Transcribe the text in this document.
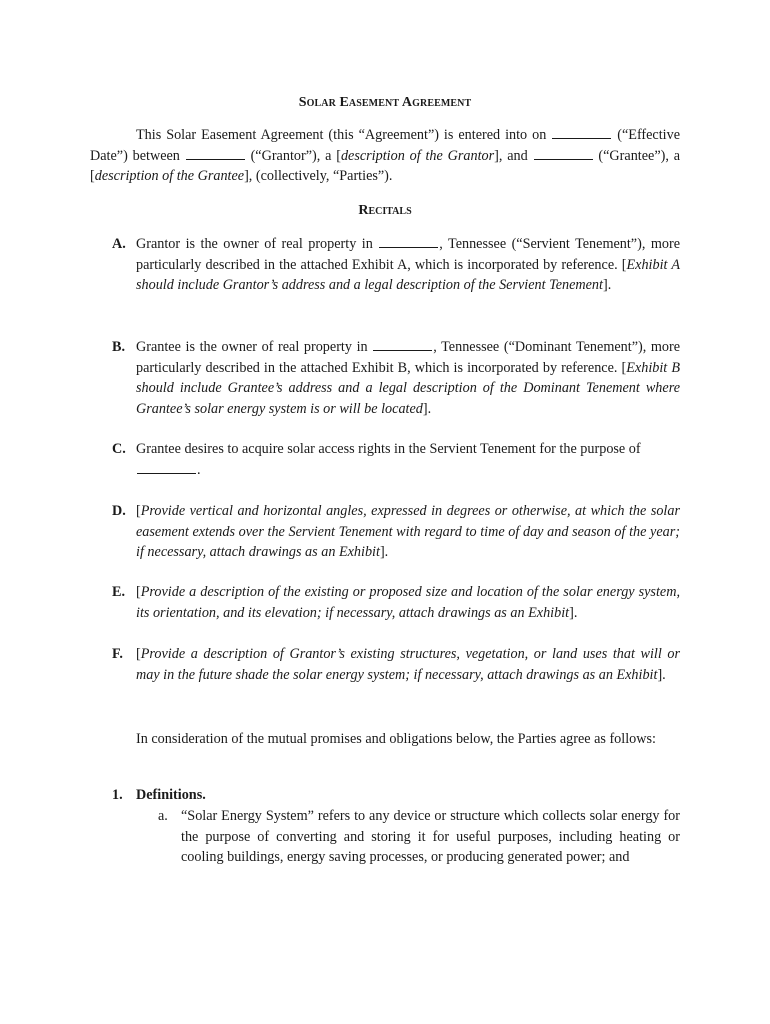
Solar Easement Agreement

This Solar Easement Agreement (this “Agreement”) is entered into on	(“Effective Date”) between	(“Grantor”), a [description of the Grantor], and	(“Grantee”), a [description of the Grantee], (collectively, “Parties”).

Recitals
A. Grantor is the owner of real property in	, Tennessee (“Servient Tenement”), more particularly described in the attached Exhibit A, which is incorporated by reference. [Exhibit A should include Grantor’s address and a legal description of the Servient Tenement].

B. Grantee is the owner of real property in	, Tennessee (“Dominant Tenement”), more particularly described in the attached Exhibit B, which is incorporated by reference. [Exhibit B should include Grantee’s address and a legal description of the Dominant Tenement where Grantee’s solar energy system is or will be located].

C. Grantee desires to acquire solar access rights in the Servient Tenement for the purpose of .

D. [Provide vertical and horizontal angles, expressed in degrees or otherwise, at which the solar easement extends over the Servient Tenement with regard to time of day and season of the year; if necessary, attach drawings as an Exhibit].

E. [Provide a description of the existing or proposed size and location of the solar energy system, its orientation, and its elevation; if necessary, attach drawings as an Exhibit].

F. [Provide a description of Grantor’s existing structures, vegetation, or land uses that will or may in the future shade the solar energy system; if necessary, attach drawings as an Exhibit].

In consideration of the mutual promises and obligations below, the Parties agree as follows:

1. Definitions.
a. “Solar Energy System” refers to any device or structure which collects solar energy for the purpose of converting and storing it for useful purposes, including heating or cooling buildings, energy saving processes, or producing generated power; and
